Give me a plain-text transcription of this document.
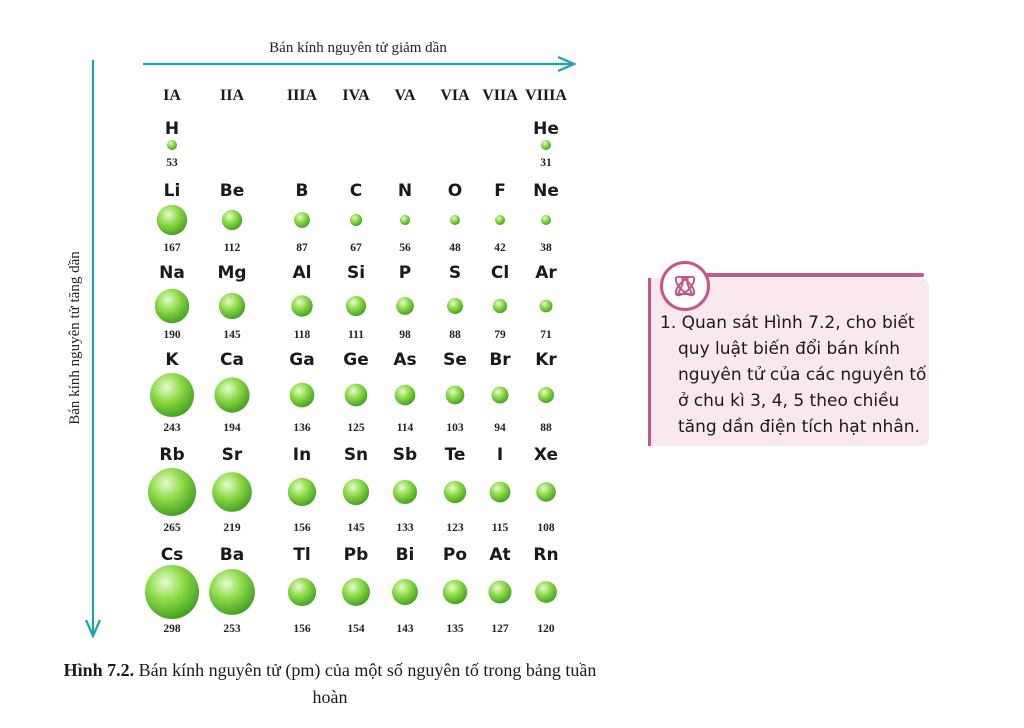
Bán kính nguyên tử giảm dần
Bán kính nguyên tử tăng dần
IA IIA	IIIA IVA VA VIA VIIA VIIIA
H
53
He
31
Li
167
Be
112
B
87
C
67
N
56
O
48
F
42
Ne
38
Na
190
Mg
145
Al
118
Si
111
P
98
S
88
Cl
79
Ar
71
K
243
Ca
194
Ga
136
Ge
125
As
114
Se
103
Br
94
Kr
88
Rb
265
Sr
219
In
156
Sn
145
Sb
133
Te
123
I
115
Xe
108
Cs
298
Ba
253
Tl
156
Pb
154
Bi
143
Po
135
At
127
Rn
120
Hình 7.2. Bán kính nguyên tử (pm) của một số nguyên tố trong bảng tuần hoàn
1. Quan sát Hình 7.2, cho biết quy luật biến đổi bán kính nguyên tử của các nguyên tố ở chu kì 3, 4, 5 theo chiều tăng dần điện tích hạt nhân.
